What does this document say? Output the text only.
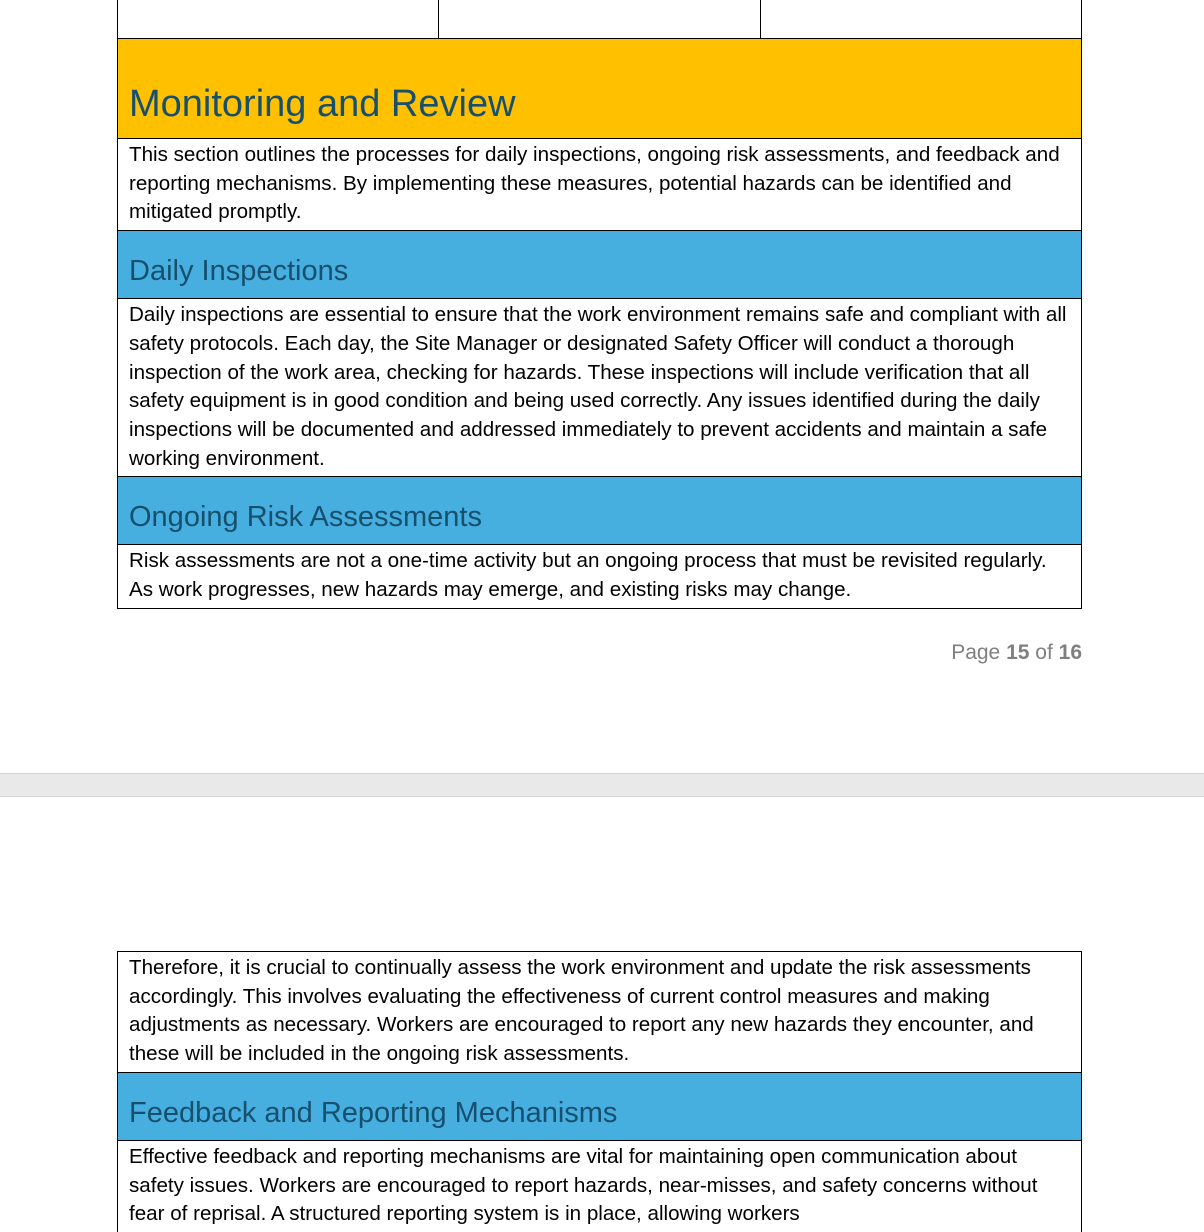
Monitoring and Review
This section outlines the processes for daily inspections, ongoing risk assessments, and feedback and reporting mechanisms. By implementing these measures, potential hazards can be identified and mitigated promptly.
Daily Inspections
Daily inspections are essential to ensure that the work environment remains safe and compliant with all safety protocols. Each day, the Site Manager or designated Safety Officer will conduct a thorough inspection of the work area, checking for hazards. These inspections will include verification that all safety equipment is in good condition and being used correctly. Any issues identified during the daily inspections will be documented and addressed immediately to prevent accidents and maintain a safe working environment.
Ongoing Risk Assessments
Risk assessments are not a one-time activity but an ongoing process that must be revisited regularly. As work progresses, new hazards may emerge, and existing risks may change.
Page 15 of 16
Therefore, it is crucial to continually assess the work environment and update the risk assessments accordingly. This involves evaluating the effectiveness of current control measures and making adjustments as necessary. Workers are encouraged to report any new hazards they encounter, and these will be included in the ongoing risk assessments.
Feedback and Reporting Mechanisms
Effective feedback and reporting mechanisms are vital for maintaining open communication about safety issues. Workers are encouraged to report hazards, near-misses, and safety concerns without fear of reprisal. A structured reporting system is in place, allowing workers
